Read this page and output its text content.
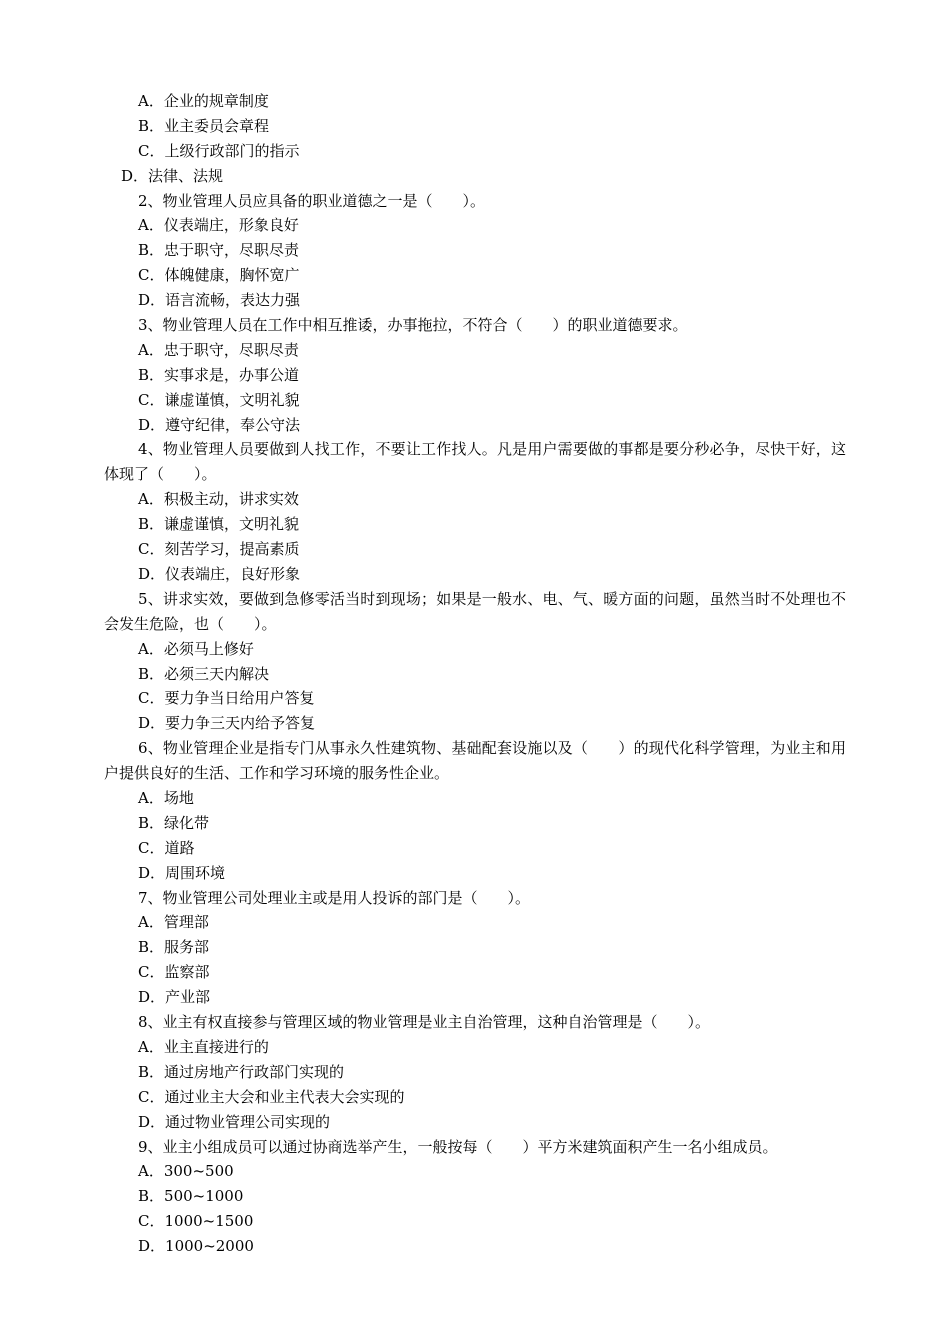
A．企业的规章制度
B．业主委员会章程
C．上级行政部门的指示
D．法律、法规
2、物业管理人员应具备的职业道德之一是（　　）。
A．仪表端庄，形象良好
B．忠于职守，尽职尽责
C．体魄健康，胸怀宽广
D．语言流畅，表达力强
3、物业管理人员在工作中相互推诿，办事拖拉，不符合（　　）的职业道德要求。
A．忠于职守，尽职尽责
B．实事求是，办事公道
C．谦虚谨慎，文明礼貌
D．遵守纪律，奉公守法
4、物业管理人员要做到人找工作，不要让工作找人。凡是用户需要做的事都是要分秒必争，尽快干好，这体现了（　　）。
A．积极主动，讲求实效
B．谦虚谨慎，文明礼貌
C．刻苦学习，提高素质
D．仪表端庄，良好形象
5、讲求实效，要做到急修零活当时到现场；如果是一般水、电、气、暖方面的问题，虽然当时不处理也不会发生危险，也（　　）。
A．必须马上修好
B．必须三天内解决
C．要力争当日给用户答复
D．要力争三天内给予答复
6、物业管理企业是指专门从事永久性建筑物、基础配套设施以及（　　）的现代化科学管理，为业主和用户提供良好的生活、工作和学习环境的服务性企业。
A．场地
B．绿化带
C．道路
D．周围环境
7、物业管理公司处理业主或是用人投诉的部门是（　　）。
A．管理部
B．服务部
C．监察部
D．产业部
8、业主有权直接参与管理区域的物业管理是业主自治管理，这种自治管理是（　　）。
A．业主直接进行的
B．通过房地产行政部门实现的
C．通过业主大会和业主代表大会实现的
D．通过物业管理公司实现的
9、业主小组成员可以通过协商选举产生，一般按每（　　）平方米建筑面积产生一名小组成员。
A．300~500
B．500~1000
C．1000~1500
D．1000~2000
